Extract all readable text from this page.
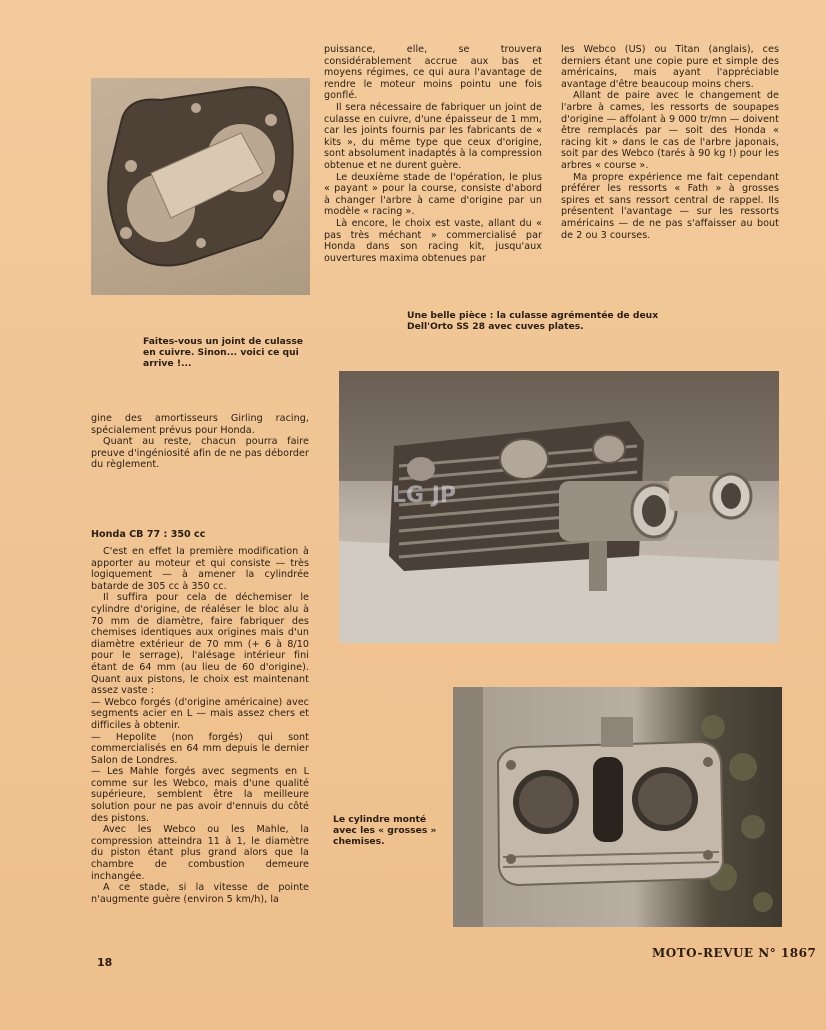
puissance, elle, se trouvera considérablement accrue aux bas et moyens régimes, ce qui aura l'avantage de rendre le moteur moins pointu une fois gonflé.

Il sera nécessaire de fabriquer un joint de culasse en cuivre, d'une épaisseur de 1 mm, car les joints fournis par les fabricants de « kits », du même type que ceux d'origine, sont absolument inadaptés à la compression obtenue et ne durent guère.

Le deuxième stade de l'opération, le plus « payant » pour la course, consiste d'abord à changer l'arbre à came d'origine par un modèle « racing ».

Là encore, le choix est vaste, allant du « pas très méchant » commercialisé par Honda dans son racing kit, jusqu'aux ouvertures maxima obtenues par

les Webco (US) ou Titan (anglais), ces derniers étant une copie pure et simple des américains, mais ayant l'appréciable avantage d'être beaucoup moins chers.

Allant de paire avec le changement de l'arbre à cames, les ressorts de soupapes d'origine — affolant à 9 000 tr/mn — doivent être remplacés par — soit des Honda « racing kit » dans le cas de l'arbre japonais, soit par des Webco (tarés à 90 kg !) pour les arbres « course ».

Ma propre expérience me fait cependant préférer les ressorts « Fath » à grosses spires et sans ressort central de rappel. Ils présentent l'avantage — sur les ressorts américains — de ne pas s'affaisser au bout de 2 ou 3 courses.

Faites-vous un joint de culasse en cuivre. Sinon... voici ce qui arrive !...
Une belle pièce : la culasse agrémentée de deux Dell'Orto SS 28 avec cuves plates.
LG JP

gine des amortisseurs Girling racing, spécialement prévus pour Honda.

Quant au reste, chacun pourra faire preuve d'ingéniosité afin de ne pas déborder du règlement.

Honda CB 77 : 350 cc

C'est en effet la première modification à apporter au moteur et qui consiste — très logiquement — à amener la cylindrée batarde de 305 cc à 350 cc.

Il suffira pour cela de déchemiser le cylindre d'origine, de réaléser le bloc alu à 70 mm de diamètre, faire fabriquer des chemises identiques aux origines mais d'un diamètre extérieur de 70 mm (+ 6 à 8/10 pour le serrage), l'alésage intérieur fini étant de 64 mm (au lieu de 60 d'origine). Quant aux pistons, le choix est maintenant assez vaste :

— Webco forgés (d'origine américaine) avec segments acier en L — mais assez chers et difficiles à obtenir.

— Hepolite (non forgés) qui sont commercialisés en 64 mm depuis le dernier Salon de Londres.

— Les Mahle forgés avec segments en L comme sur les Webco, mais d'une qualité supérieure, semblent être la meilleure solution pour ne pas avoir d'ennuis du côté des pistons.

Avec les Webco ou les Mahle, la compression atteindra 11 à 1, le diamètre du piston étant plus grand alors que la chambre de combustion demeure inchangée.

A ce stade, si la vitesse de pointe n'augmente guère (environ 5 km/h), la

Le cylindre monté avec les « grosses » chemises.
18
MOTO-REVUE N° 1867
